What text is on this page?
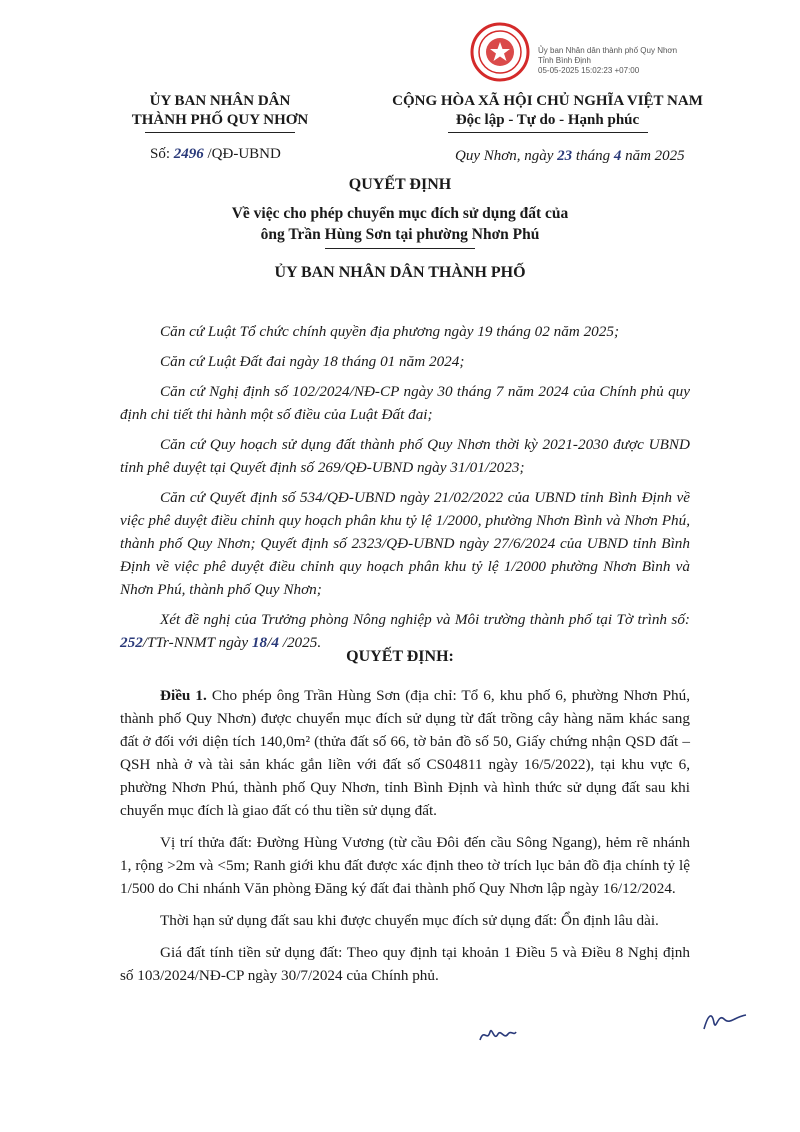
Ủy ban Nhân dân thành phố Quy Nhơn
Tỉnh Bình Định
05-05-2025 15:02:23 +07:00
ỦY BAN NHÂN DÂN
THÀNH PHỐ QUY NHƠN
CỘNG HÒA XÃ HỘI CHỦ NGHĨA VIỆT NAM
Độc lập - Tự do - Hạnh phúc
Số: 2496 /QĐ-UBND	Quy Nhơn, ngày 23 tháng 4 năm 2025
QUYẾT ĐỊNH
Về việc cho phép chuyển mục đích sử dụng đất của
ông Trần Hùng Sơn tại phường Nhơn Phú
ỦY BAN NHÂN DÂN THÀNH PHỐ
Căn cứ Luật Tổ chức chính quyền địa phương ngày 19 tháng 02 năm 2025;
Căn cứ Luật Đất đai ngày 18 tháng 01 năm 2024;
Căn cứ Nghị định số 102/2024/NĐ-CP ngày 30 tháng 7 năm 2024 của Chính phủ quy định chi tiết thi hành một số điều của Luật Đất đai;
Căn cứ Quy hoạch sử dụng đất thành phố Quy Nhơn thời kỳ 2021-2030 được UBND tỉnh phê duyệt tại Quyết định số 269/QĐ-UBND ngày 31/01/2023;
Căn cứ Quyết định số 534/QĐ-UBND ngày 21/02/2022 của UBND tỉnh Bình Định về việc phê duyệt điều chỉnh quy hoạch phân khu tỷ lệ 1/2000, phường Nhơn Bình và Nhơn Phú, thành phố Quy Nhơn; Quyết định số 2323/QĐ-UBND ngày 27/6/2024 của UBND tỉnh Bình Định về việc phê duyệt điều chỉnh quy hoạch phân khu tỷ lệ 1/2000 phường Nhơn Bình và Nhơn Phú, thành phố Quy Nhơn;
Xét đề nghị của Trưởng phòng Nông nghiệp và Môi trường thành phố tại Tờ trình số: 252/TTr-NNMT ngày 18/4 /2025.
QUYẾT ĐỊNH:
Điều 1. Cho phép ông Trần Hùng Sơn (địa chỉ: Tổ 6, khu phố 6, phường Nhơn Phú, thành phố Quy Nhơn) được chuyển mục đích sử dụng từ đất trồng cây hàng năm khác sang đất ở đối với diện tích 140,0m² (thửa đất số 66, tờ bản đồ số 50, Giấy chứng nhận QSD đất – QSH nhà ở và tài sản khác gắn liền với đất số CS04811 ngày 16/5/2022), tại khu vực 6, phường Nhơn Phú, thành phố Quy Nhơn, tỉnh Bình Định và hình thức sử dụng đất sau khi chuyển mục đích là giao đất có thu tiền sử dụng đất.
Vị trí thửa đất: Đường Hùng Vương (từ cầu Đôi đến cầu Sông Ngang), hẻm rẽ nhánh 1, rộng >2m và <5m; Ranh giới khu đất được xác định theo tờ trích lục bản đồ địa chính tỷ lệ 1/500 do Chi nhánh Văn phòng Đăng ký đất đai thành phố Quy Nhơn lập ngày 16/12/2024.
Thời hạn sử dụng đất sau khi được chuyển mục đích sử dụng đất: Ổn định lâu dài.
Giá đất tính tiền sử dụng đất: Theo quy định tại khoản 1 Điều 5 và Điều 8 Nghị định số 103/2024/NĐ-CP ngày 30/7/2024 của Chính phủ.
